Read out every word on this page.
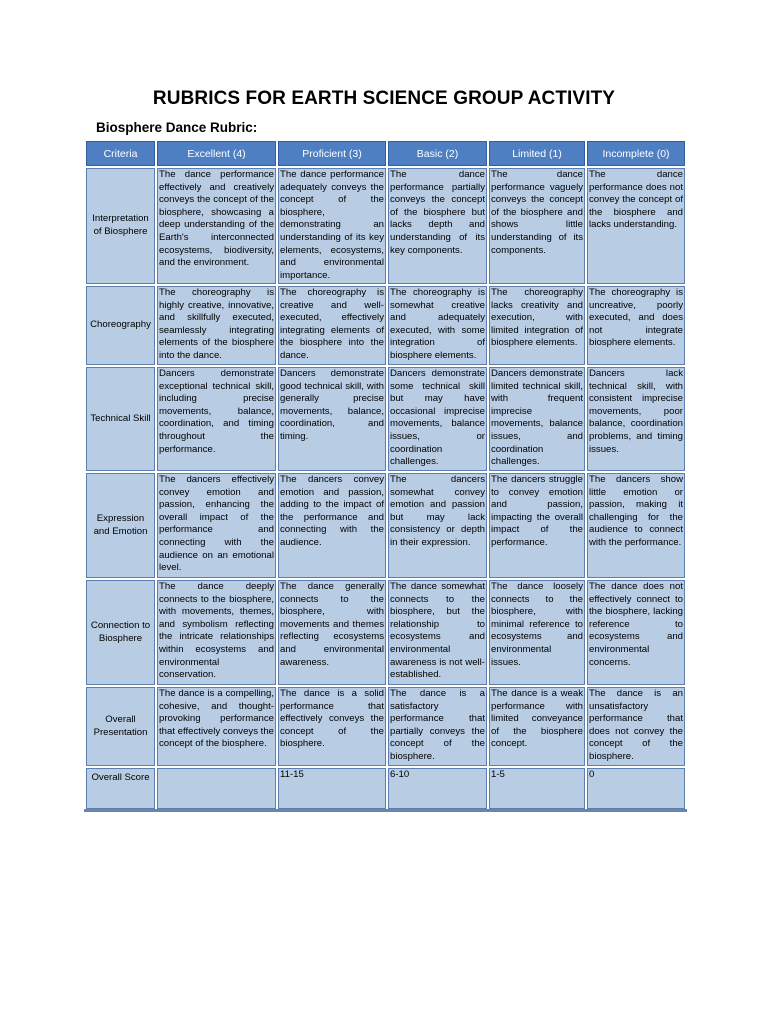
RUBRICS FOR EARTH SCIENCE GROUP ACTIVITY
Biosphere Dance Rubric:
Criteria	Excellent (4)	Proficient (3)	Basic (2)	Limited (1)	Incomplete (0)
Interpretation of Biosphere	The dance performance effectively and creatively conveys the concept of the biosphere, showcasing a deep understanding of the Earth's interconnected ecosystems, biodiversity, and the environment.	The dance performance adequately conveys the concept of the biosphere, demonstrating an understanding of its key elements, ecosystems, and environmental importance.	The dance performance partially conveys the concept of the biosphere but lacks depth and understanding of its key components.	The dance performance vaguely conveys the concept of the biosphere and shows little understanding of its components.	The dance performance does not convey the concept of the biosphere and lacks understanding.
Choreography	The choreography is highly creative, innovative, and skillfully executed, seamlessly integrating elements of the biosphere into the dance.	The choreography is creative and well-executed, effectively integrating elements of the biosphere into the dance.	The choreography is somewhat creative and adequately executed, with some integration of biosphere elements.	The choreography lacks creativity and execution, with limited integration of biosphere elements.	The choreography is uncreative, poorly executed, and does not integrate biosphere elements.
Technical Skill	Dancers demonstrate exceptional technical skill, including precise movements, balance, coordination, and timing throughout the performance.	Dancers demonstrate good technical skill, with generally precise movements, balance, coordination, and timing.	Dancers demonstrate some technical skill but may have occasional imprecise movements, balance issues, or coordination challenges.	Dancers demonstrate limited technical skill, with frequent imprecise movements, balance issues, and coordination challenges.	Dancers lack technical skill, with consistent imprecise movements, poor balance, coordination problems, and timing issues.
Expression and Emotion	The dancers effectively convey emotion and passion, enhancing the overall impact of the performance and connecting with the audience on an emotional level.	The dancers convey emotion and passion, adding to the impact of the performance and connecting with the audience.	The dancers somewhat convey emotion and passion but may lack consistency or depth in their expression.	The dancers struggle to convey emotion and passion, impacting the overall impact of the performance.	The dancers show little emotion or passion, making it challenging for the audience to connect with the performance.
Connection to Biosphere	The dance deeply connects to the biosphere, with movements, themes, and symbolism reflecting the intricate relationships within ecosystems and environmental conservation.	The dance generally connects to the biosphere, with movements and themes reflecting ecosystems and environmental awareness.	The dance somewhat connects to the biosphere, but the relationship to ecosystems and environmental awareness is not well-established.	The dance loosely connects to the biosphere, with minimal reference to ecosystems and environmental issues.	The dance does not effectively connect to the biosphere, lacking reference to ecosystems and environmental concerns.
Overall Presentation	The dance is a compelling, cohesive, and thought-provoking performance that effectively conveys the concept of the biosphere.	The dance is a solid performance that effectively conveys the concept of the biosphere.	The dance is a satisfactory performance that partially conveys the concept of the biosphere.	The dance is a weak performance with limited conveyance of the biosphere concept.	The dance is an unsatisfactory performance that does not convey the concept of the biosphere.
Overall Score		11-15	6-10	1-5	0
